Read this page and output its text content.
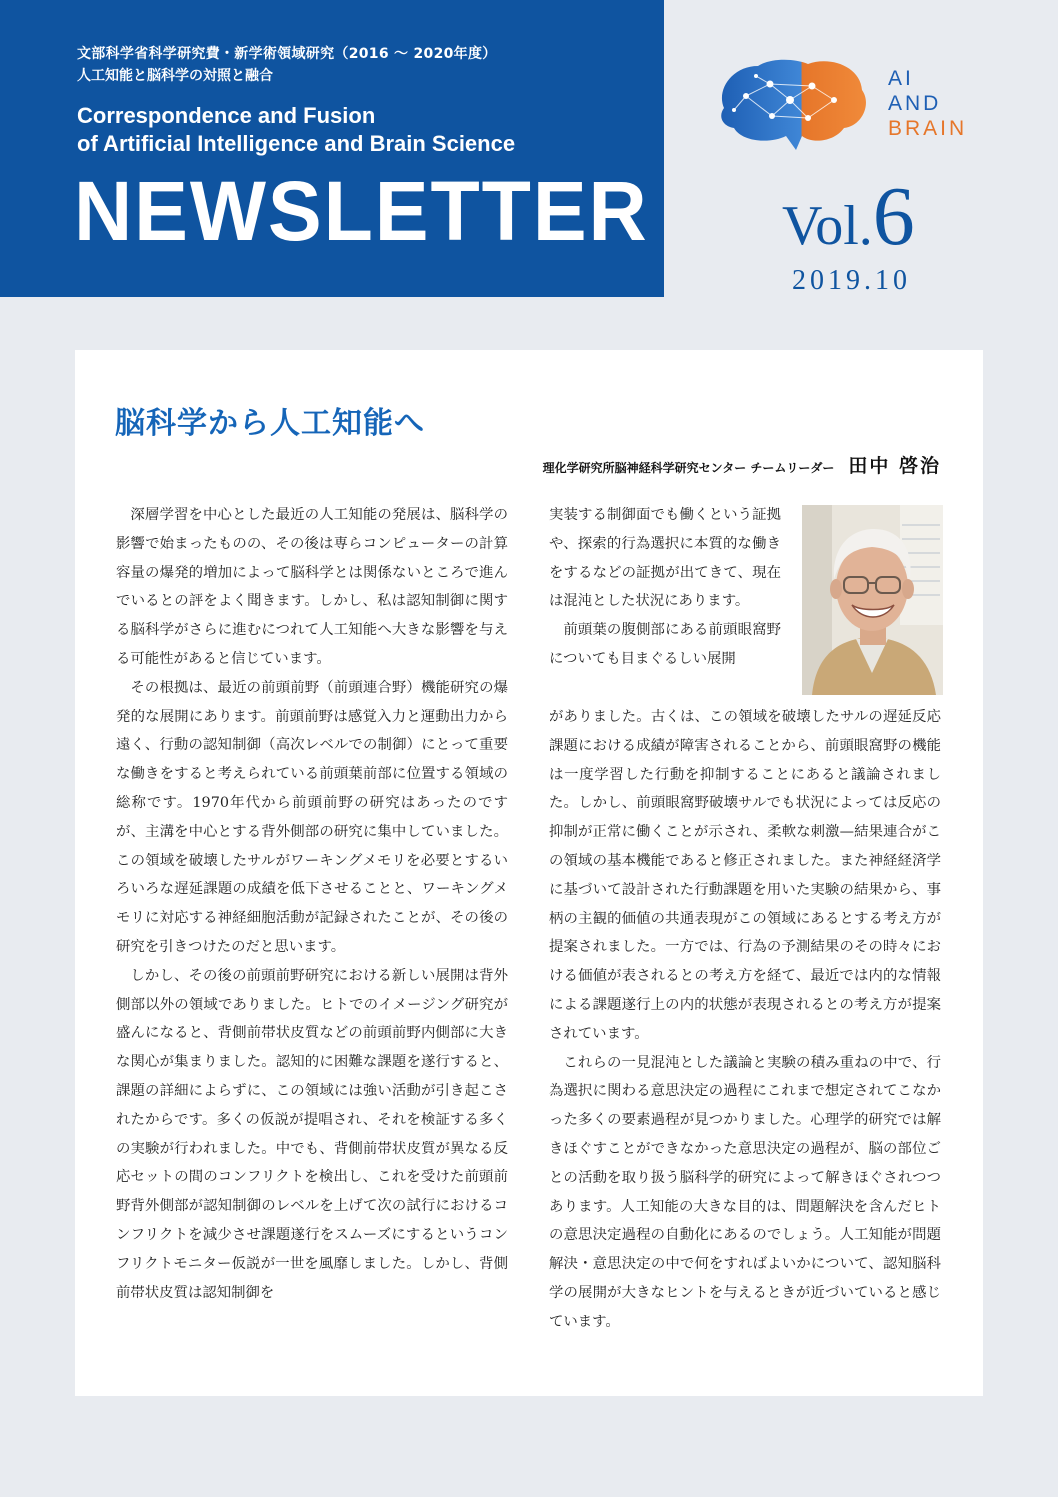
文部科学省科学研究費・新学術領域研究（2016 ～ 2020年度）
人工知能と脳科学の対照と融合
Correspondence and Fusion
of Artificial Intelligence and Brain Science
NEWSLETTER
AI
AND
BRAIN
Vol.6
2019.10
脳科学から人工知能へ
理化学研究所脳神経科学研究センター チームリーダー 田中 啓治

深層学習を中心とした最近の人工知能の発展は、脳科学の影響で始まったものの、その後は専らコンピューターの計算容量の爆発的増加によって脳科学とは関係ないところで進んでいるとの評をよく聞きます。しかし、私は認知制御に関する脳科学がさらに進むにつれて人工知能へ大きな影響を与える可能性があると信じています。

その根拠は、最近の前頭前野（前頭連合野）機能研究の爆発的な展開にあります。前頭前野は感覚入力と運動出力から遠く、行動の認知制御（高次レベルでの制御）にとって重要な働きをすると考えられている前頭葉前部に位置する領域の総称です。1970年代から前頭前野の研究はあったのですが、主溝を中心とする背外側部の研究に集中していました。この領域を破壊したサルがワーキングメモリを必要とするいろいろな遅延課題の成績を低下させることと、ワーキングメモリに対応する神経細胞活動が記録されたことが、その後の研究を引きつけたのだと思います。

しかし、その後の前頭前野研究における新しい展開は背外側部以外の領域でありました。ヒトでのイメージング研究が盛んになると、背側前帯状皮質などの前頭前野内側部に大きな関心が集まりました。認知的に困難な課題を遂行すると、課題の詳細によらずに、この領域には強い活動が引き起こされたからです。多くの仮説が提唱され、それを検証する多くの実験が行われました。中でも、背側前帯状皮質が異なる反応セットの間のコンフリクトを検出し、これを受けた前頭前野背外側部が認知制御のレベルを上げて次の試行におけるコンフリクトを減少させ課題遂行をスムーズにするというコンフリクトモニター仮説が一世を風靡しました。しかし、背側前帯状皮質は認知制御を

実装する制御面でも働くという証拠や、探索的行為選択に本質的な働きをするなどの証拠が出てきて、現在は混沌とした状況にあります。

前頭葉の腹側部にある前頭眼窩野についても目まぐるしい展開

がありました。古くは、この領域を破壊したサルの遅延反応課題における成績が障害されることから、前頭眼窩野の機能は一度学習した行動を抑制することにあると議論されました。しかし、前頭眼窩野破壊サルでも状況によっては反応の抑制が正常に働くことが示され、柔軟な刺激—結果連合がこの領域の基本機能であると修正されました。また神経経済学に基づいて設計された行動課題を用いた実験の結果から、事柄の主観的価値の共通表現がこの領域にあるとする考え方が提案されました。一方では、行為の予測結果のその時々における価値が表されるとの考え方を経て、最近では内的な情報による課題遂行上の内的状態が表現されるとの考え方が提案されています。

これらの一見混沌とした議論と実験の積み重ねの中で、行為選択に関わる意思決定の過程にこれまで想定されてこなかった多くの要素過程が見つかりました。心理学的研究では解きほぐすことができなかった意思決定の過程が、脳の部位ごとの活動を取り扱う脳科学的研究によって解きほぐされつつあります。人工知能の大きな目的は、問題解決を含んだヒトの意思決定過程の自動化にあるのでしょう。人工知能が問題解決・意思決定の中で何をすればよいかについて、認知脳科学の展開が大きなヒントを与えるときが近づいていると感じています。
